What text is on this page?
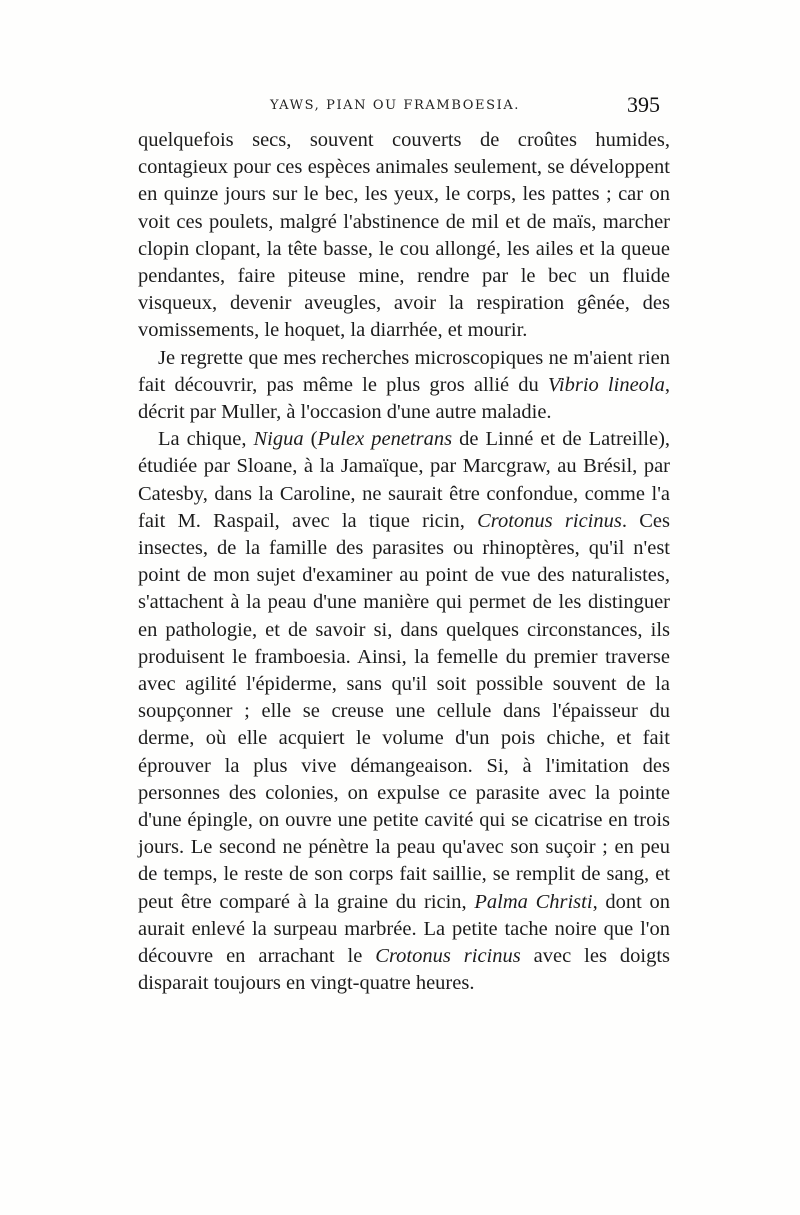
YAWS, PIAN OU FRAMBOESIA.	395

quelquefois secs, souvent couverts de croûtes humides, contagieux pour ces espèces animales seulement, se développent en quinze jours sur le bec, les yeux, le corps, les pattes ; car on voit ces poulets, malgré l'abstinence de mil et de maïs, marcher clopin clopant, la tête basse, le cou allongé, les ailes et la queue pendantes, faire piteuse mine, rendre par le bec un fluide visqueux, devenir aveugles, avoir la respiration gênée, des vomissements, le hoquet, la diarrhée, et mourir.

Je regrette que mes recherches microscopiques ne m'aient rien fait découvrir, pas même le plus gros allié du Vibrio lineola, décrit par Muller, à l'occasion d'une autre maladie.

La chique, Nigua (Pulex penetrans de Linné et de Latreille), étudiée par Sloane, à la Jamaïque, par Marcgraw, au Brésil, par Catesby, dans la Caroline, ne saurait être confondue, comme l'a fait M. Raspail, avec la tique ricin, Crotonus ricinus. Ces insectes, de la famille des parasites ou rhinoptères, qu'il n'est point de mon sujet d'examiner au point de vue des naturalistes, s'attachent à la peau d'une manière qui permet de les distinguer en pathologie, et de savoir si, dans quelques circonstances, ils produisent le framboesia. Ainsi, la femelle du premier traverse avec agilité l'épiderme, sans qu'il soit possible souvent de la soupçonner ; elle se creuse une cellule dans l'épaisseur du derme, où elle acquiert le volume d'un pois chiche, et fait éprouver la plus vive démangeaison. Si, à l'imitation des personnes des colonies, on expulse ce parasite avec la pointe d'une épingle, on ouvre une petite cavité qui se cicatrise en trois jours. Le second ne pénètre la peau qu'avec son suçoir ; en peu de temps, le reste de son corps fait saillie, se remplit de sang, et peut être comparé à la graine du ricin, Palma Christi, dont on aurait enlevé la surpeau marbrée. La petite tache noire que l'on découvre en arrachant le Crotonus ricinus avec les doigts disparait toujours en vingt-quatre heures.
